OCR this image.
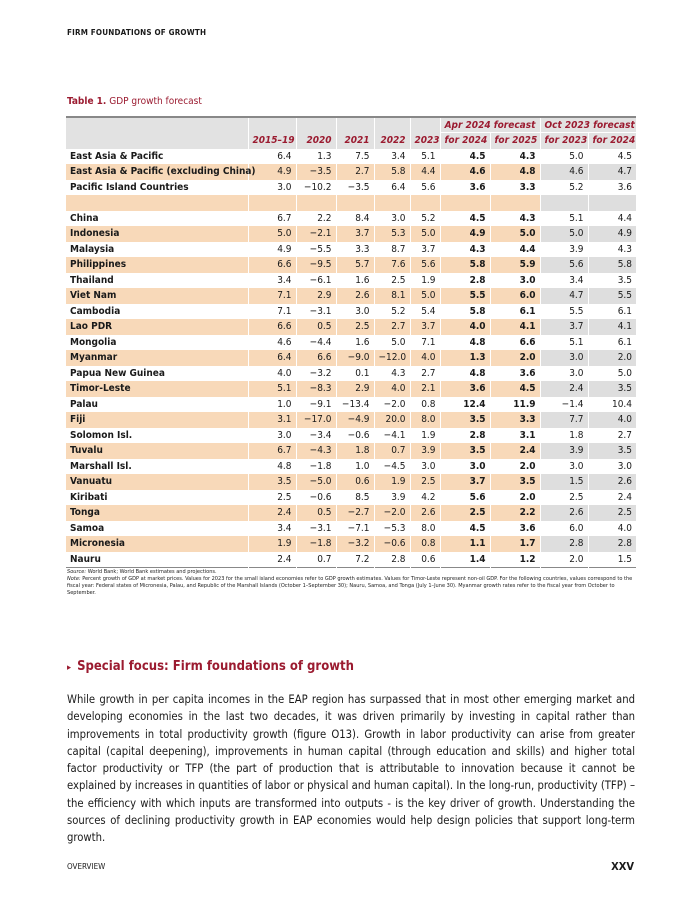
FIRM FOUNDATIONS OF GROWTH
Table 1. GDP growth forecast
						Apr 2024 forecast		Oct 2023 forecast	
	2015–19	2020	2021	2022	2023	for 2024	for 2025	for 2023	for 2024
East Asia & Pacific	6.4	1.3	7.5	3.4	5.1	4.5	4.3	5.0	4.5
East Asia & Pacific (excluding China)	4.9	−3.5	2.7	5.8	4.4	4.6	4.8	4.6	4.7
Pacific Island Countries	3.0	−10.2	−3.5	6.4	5.6	3.6	3.3	5.2	3.6

China	6.7	2.2	8.4	3.0	5.2	4.5	4.3	5.1	4.4
Indonesia	5.0	−2.1	3.7	5.3	5.0	4.9	5.0	5.0	4.9
Malaysia	4.9	−5.5	3.3	8.7	3.7	4.3	4.4	3.9	4.3
Philippines	6.6	−9.5	5.7	7.6	5.6	5.8	5.9	5.6	5.8
Thailand	3.4	−6.1	1.6	2.5	1.9	2.8	3.0	3.4	3.5
Viet Nam	7.1	2.9	2.6	8.1	5.0	5.5	6.0	4.7	5.5
Cambodia	7.1	−3.1	3.0	5.2	5.4	5.8	6.1	5.5	6.1
Lao PDR	6.6	0.5	2.5	2.7	3.7	4.0	4.1	3.7	4.1
Mongolia	4.6	−4.4	1.6	5.0	7.1	4.8	6.6	5.1	6.1
Myanmar	6.4	6.6	−9.0	−12.0	4.0	1.3	2.0	3.0	2.0
Papua New Guinea	4.0	−3.2	0.1	4.3	2.7	4.8	3.6	3.0	5.0
Timor-Leste	5.1	−8.3	2.9	4.0	2.1	3.6	4.5	2.4	3.5
Palau	1.0	−9.1	−13.4	−2.0	0.8	12.4	11.9	−1.4	10.4
Fiji	3.1	−17.0	−4.9	20.0	8.0	3.5	3.3	7.7	4.0
Solomon Isl.	3.0	−3.4	−0.6	−4.1	1.9	2.8	3.1	1.8	2.7
Tuvalu	6.7	−4.3	1.8	0.7	3.9	3.5	2.4	3.9	3.5
Marshall Isl.	4.8	−1.8	1.0	−4.5	3.0	3.0	2.0	3.0	3.0
Vanuatu	3.5	−5.0	0.6	1.9	2.5	3.7	3.5	1.5	2.6
Kiribati	2.5	−0.6	8.5	3.9	4.2	5.6	2.0	2.5	2.4
Tonga	2.4	0.5	−2.7	−2.0	2.6	2.5	2.2	2.6	2.5
Samoa	3.4	−3.1	−7.1	−5.3	8.0	4.5	3.6	6.0	4.0
Micronesia	1.9	−1.8	−3.2	−0.6	0.8	1.1	1.7	2.8	2.8
Nauru	2.4	0.7	7.2	2.8	0.6	1.4	1.2	2.0	1.5
Source: World Bank; World Bank estimates and projections.
Note: Percent growth of GDP at market prices. Values for 2023 for the small island economies refer to GDP growth estimates. Values for Timor-Leste represent non-oil GDP. For the following countries, values correspond to the fiscal year: Federal states of Micronesia, Palau, and Republic of the Marshall Islands (October 1–September 30); Nauru, Samoa, and Tonga (July 1–June 30). Myanmar growth rates refer to the fiscal year from October to September.
▸ Special focus: Firm foundations of growth
While growth in per capita incomes in the EAP region has surpassed that in most other emerging market and developing economies in the last two decades, it was driven primarily by investing in capital rather than improvements in total productivity growth (figure O13). Growth in labor productivity can arise from greater capital (capital deepening), improvements in human capital (through education and skills) and higher total factor productivity or TFP (the part of production that is attributable to innovation because it cannot be explained by increases in quantities of labor or physical and human capital). In the long-run, productivity (TFP) – the efficiency with which inputs are transformed into outputs - is the key driver of growth. Understanding the sources of declining productivity growth in EAP economies would help design policies that support long-term growth.
OVERVIEW	XXV
